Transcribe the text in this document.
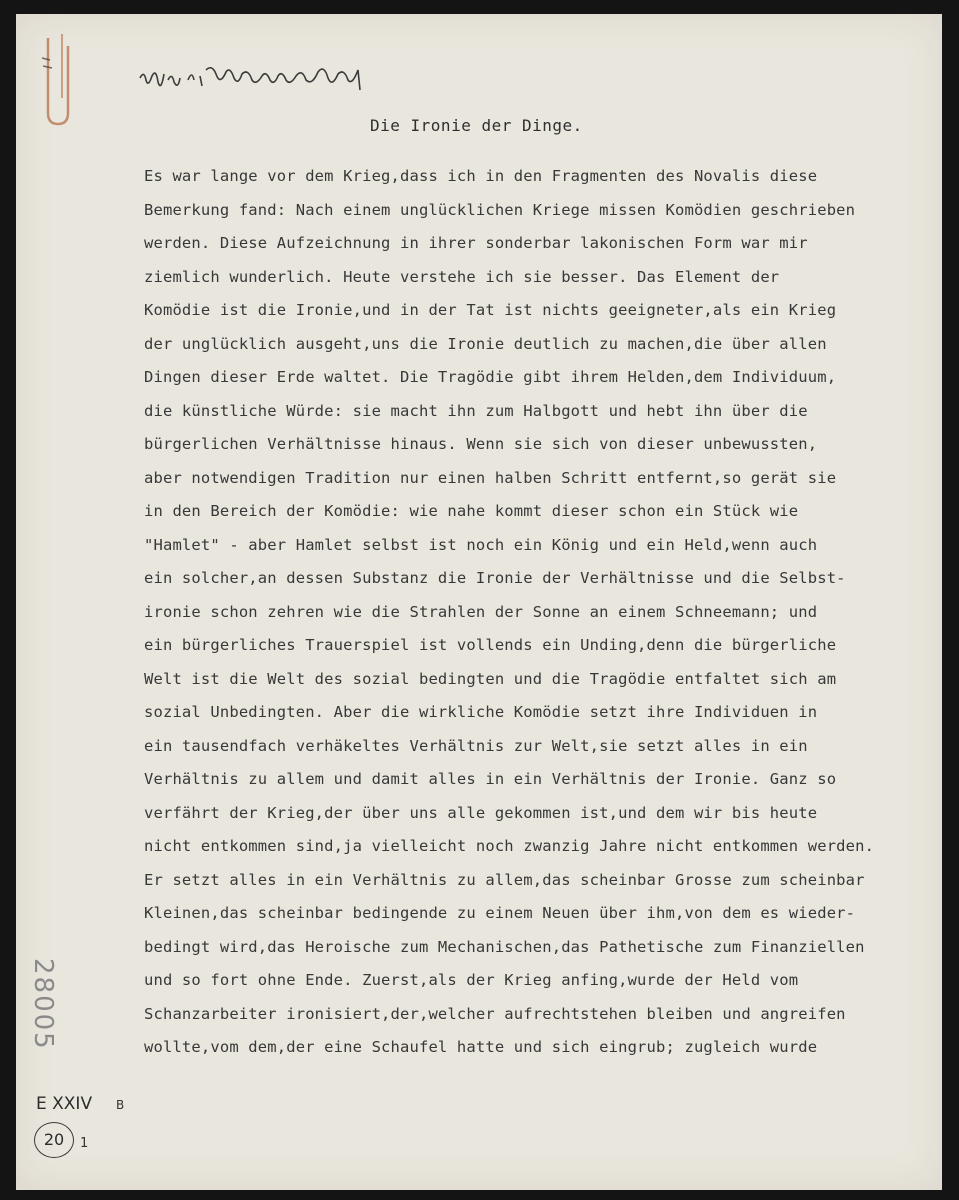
Die Ironie der Dinge.
Es war lange vor dem Krieg,dass ich in den Fragmenten des Novalis diese
Bemerkung fand: Nach einem unglücklichen Kriege missen Komödien geschrieben
werden. Diese Aufzeichnung in ihrer sonderbar lakonischen Form war mir
ziemlich wunderlich. Heute verstehe ich sie besser. Das Element der
Komödie ist die Ironie,und in der Tat ist nichts geeigneter,als ein Krieg
der unglücklich ausgeht,uns die Ironie deutlich zu machen,die über allen
Dingen dieser Erde waltet. Die Tragödie gibt ihrem Helden,dem Individuum,
die künstliche Würde: sie macht ihn zum Halbgott und hebt ihn über die
bürgerlichen Verhältnisse hinaus. Wenn sie sich von dieser unbewussten,
aber notwendigen Tradition nur einen halben Schritt entfernt,so gerät sie
in den Bereich der Komödie: wie nahe kommt dieser schon ein Stück wie
"Hamlet" - aber Hamlet selbst ist noch ein König und ein Held,wenn auch
ein solcher,an dessen Substanz die Ironie der Verhältnisse und die Selbst-
ironie schon zehren wie die Strahlen der Sonne an einem Schneemann; und
ein bürgerliches Trauerspiel ist vollends ein Unding,denn die bürgerliche
Welt ist die Welt des sozial bedingten und die Tragödie entfaltet sich am
sozial Unbedingten. Aber die wirkliche Komödie setzt ihre Individuen in
ein tausendfach verhäkeltes Verhältnis zur Welt,sie setzt alles in ein
Verhältnis zu allem und damit alles in ein Verhältnis der Ironie. Ganz so
verfährt der Krieg,der über uns alle gekommen ist,und dem wir bis heute
nicht entkommen sind,ja vielleicht noch zwanzig Jahre nicht entkommen werden.
Er setzt alles in ein Verhältnis zu allem,das scheinbar Grosse zum scheinbar
Kleinen,das scheinbar bedingende zu einem Neuen über ihm,von dem es wieder-
bedingt wird,das Heroische zum Mechanischen,das Pathetische zum Finanziellen
und so fort ohne Ende. Zuerst,als der Krieg anfing,wurde der Held vom
Schanzarbeiter ironisiert,der,welcher aufrechtstehen bleiben und angreifen
wollte,vom dem,der eine Schaufel hatte und sich eingrub; zugleich wurde
28005
E XXIV B
20	1
